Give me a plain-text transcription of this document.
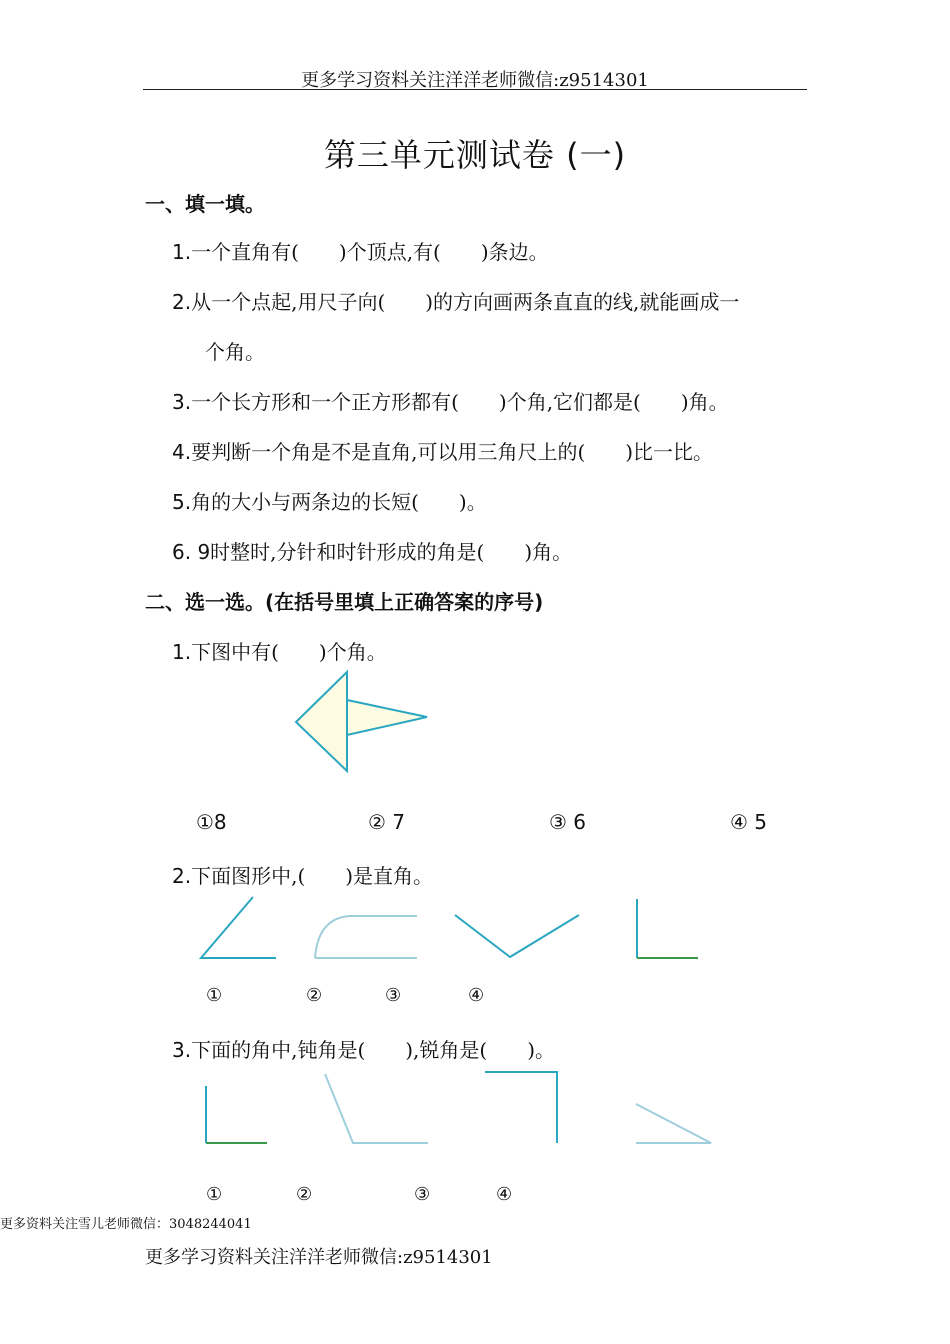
更多学习资料关注洋洋老师微信:z9514301
第三单元测试卷 (一)
一、填一填。
1.一个直角有(　　)个顶点,有(　　)条边。
2.从一个点起,用尺子向(　　)的方向画两条直直的线,就能画成一
个角。
3.一个长方形和一个正方形都有(　　)个角,它们都是(　　)角。
4.要判断一个角是不是直角,可以用三角尺上的(　　)比一比。
5.角的大小与两条边的长短(　　)。
6. 9时整时,分针和时针形成的角是(　　)角。
二、选一选。(在括号里填上正确答案的序号)
1.下图中有(　　)个角。
①8	② 7	③ 6	④ 5
2.下面图形中,(　　)是直角。
①	②	③	④
3.下面的角中,钝角是(　　),锐角是(　　)。
①	②	③	④
更多资料关注雪儿老师微信：3048244041
更多学习资料关注洋洋老师微信:z9514301
